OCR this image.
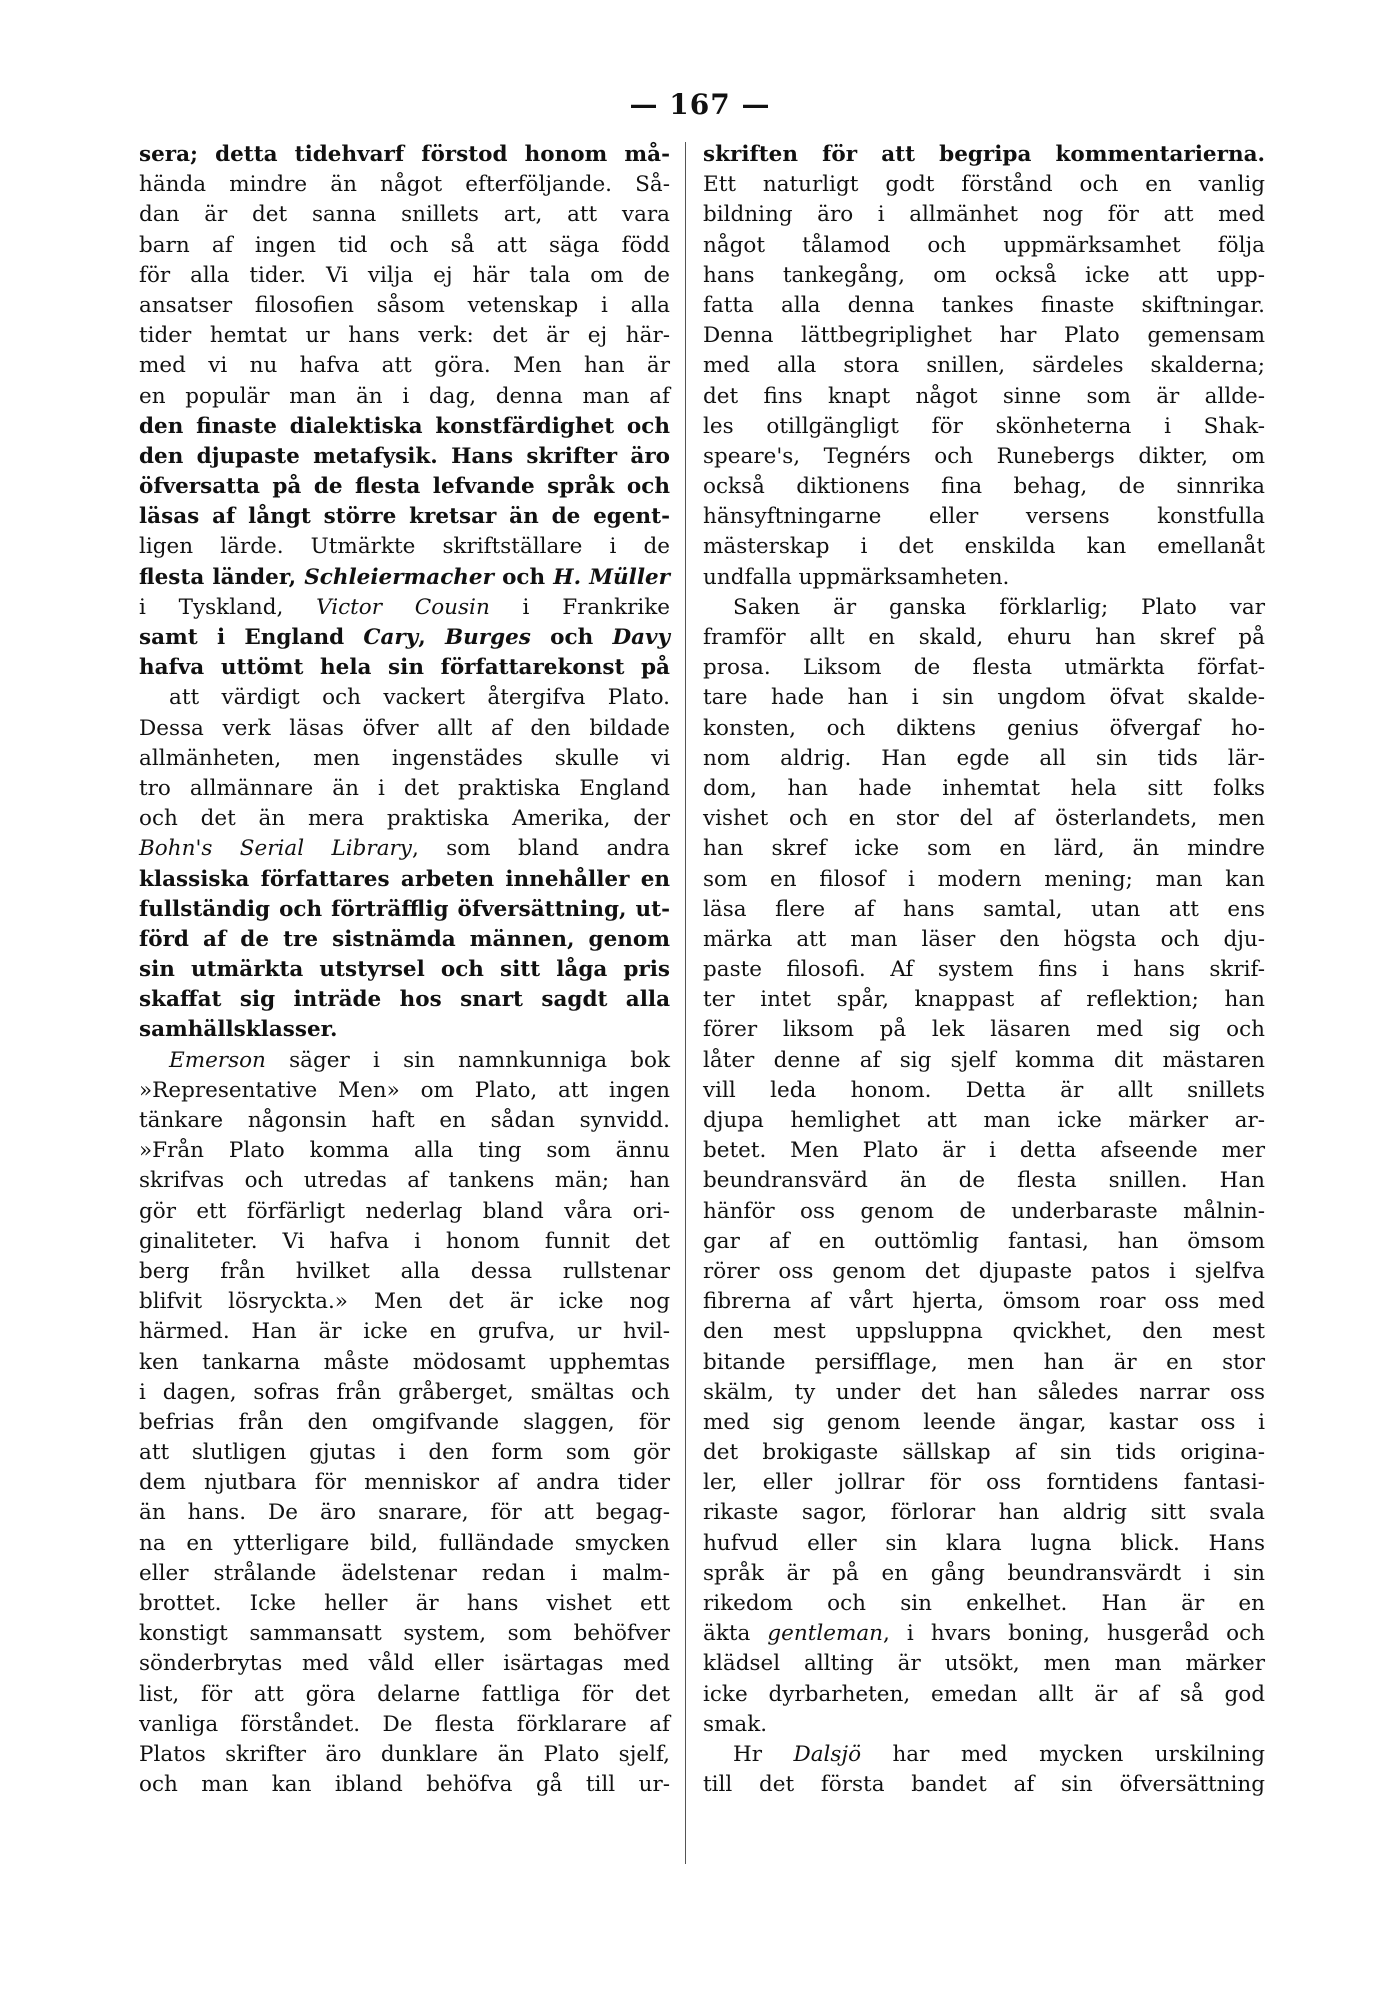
— 167 —
sera; detta tidehvarf förstod honom må-
hända mindre än något efterföljande. Så-
dan är det sanna snillets art, att vara
barn af ingen tid och så att säga född
för alla tider. Vi vilja ej här tala om de
ansatser filosofien såsom vetenskap i alla
tider hemtat ur hans verk: det är ej här-
med vi nu hafva att göra. Men han är
en populär man än i dag, denna man af
den finaste dialektiska konstfärdighet och
den djupaste metafysik. Hans skrifter äro
öfversatta på de flesta lefvande språk och
läsas af långt större kretsar än de egent-
ligen lärde. Utmärkte skriftställare i de
flesta länder, Schleiermacher och H. Müller
i Tyskland, Victor Cousin i Frankrike
samt i England Cary, Burges och Davy
hafva uttömt hela sin författarekonst på
att värdigt och vackert återgifva Plato.
Dessa verk läsas öfver allt af den bildade
allmänheten, men ingenstädes skulle vi
tro allmännare än i det praktiska England
och det än mera praktiska Amerika, der
Bohn's Serial Library, som bland andra
klassiska författares arbeten innehåller en
fullständig och förträfflig öfversättning, ut-
förd af de tre sistnämda männen, genom
sin utmärkta utstyrsel och sitt låga pris
skaffat sig inträde hos snart sagdt alla
samhällsklasser.
Emerson säger i sin namnkunniga bok
»Representative Men» om Plato, att ingen
tänkare någonsin haft en sådan synvidd.
»Från Plato komma alla ting som ännu
skrifvas och utredas af tankens män; han
gör ett förfärligt nederlag bland våra ori-
ginaliteter. Vi hafva i honom funnit det
berg från hvilket alla dessa rullstenar
blifvit lösryckta.» Men det är icke nog
härmed. Han är icke en grufva, ur hvil-
ken tankarna måste mödosamt upphemtas
i dagen, sofras från gråberget, smältas och
befrias från den omgifvande slaggen, för
att slutligen gjutas i den form som gör
dem njutbara för menniskor af andra tider
än hans. De äro snarare, för att begag-
na en ytterligare bild, fulländade smycken
eller strålande ädelstenar redan i malm-
brottet. Icke heller är hans vishet ett
konstigt sammansatt system, som behöfver
sönderbrytas med våld eller isärtagas med
list, för att göra delarne fattliga för det
vanliga förståndet. De flesta förklarare af
Platos skrifter äro dunklare än Plato sjelf,
och man kan ibland behöfva gå till ur-
skriften för att begripa kommentarierna.
Ett naturligt godt förstånd och en vanlig
bildning äro i allmänhet nog för att med
något tålamod och uppmärksamhet följa
hans tankegång, om också icke att upp-
fatta alla denna tankes finaste skiftningar.
Denna lättbegriplighet har Plato gemensam
med alla stora snillen, särdeles skalderna;
det fins knapt något sinne som är allde-
les otillgängligt för skönheterna i Shak-
speare's, Tegnérs och Runebergs dikter, om
också diktionens fina behag, de sinnrika
hänsyftningarne eller versens konstfulla
mästerskap i det enskilda kan emellanåt
undfalla uppmärksamheten.
Saken är ganska förklarlig; Plato var
framför allt en skald, ehuru han skref på
prosa. Liksom de flesta utmärkta förfat-
tare hade han i sin ungdom öfvat skalde-
konsten, och diktens genius öfvergaf ho-
nom aldrig. Han egde all sin tids lär-
dom, han hade inhemtat hela sitt folks
vishet och en stor del af österlandets, men
han skref icke som en lärd, än mindre
som en filosof i modern mening; man kan
läsa flere af hans samtal, utan att ens
märka att man läser den högsta och dju-
paste filosofi. Af system fins i hans skrif-
ter intet spår, knappast af reflektion; han
förer liksom på lek läsaren med sig och
låter denne af sig sjelf komma dit mästaren
vill leda honom. Detta är allt snillets
djupa hemlighet att man icke märker ar-
betet. Men Plato är i detta afseende mer
beundransvärd än de flesta snillen. Han
hänför oss genom de underbaraste målnin-
gar af en outtömlig fantasi, han ömsom
rörer oss genom det djupaste patos i sjelfva
fibrerna af vårt hjerta, ömsom roar oss med
den mest uppsluppna qvickhet, den mest
bitande persifflage, men han är en stor
skälm, ty under det han således narrar oss
med sig genom leende ängar, kastar oss i
det brokigaste sällskap af sin tids origina-
ler, eller jollrar för oss forntidens fantasi-
rikaste sagor, förlorar han aldrig sitt svala
hufvud eller sin klara lugna blick. Hans
språk är på en gång beundransvärdt i sin
rikedom och sin enkelhet. Han är en
äkta gentleman, i hvars boning, husgeråd och
klädsel allting är utsökt, men man märker
icke dyrbarheten, emedan allt är af så god
smak.
Hr Dalsjö har med mycken urskilning
till det första bandet af sin öfversättning
